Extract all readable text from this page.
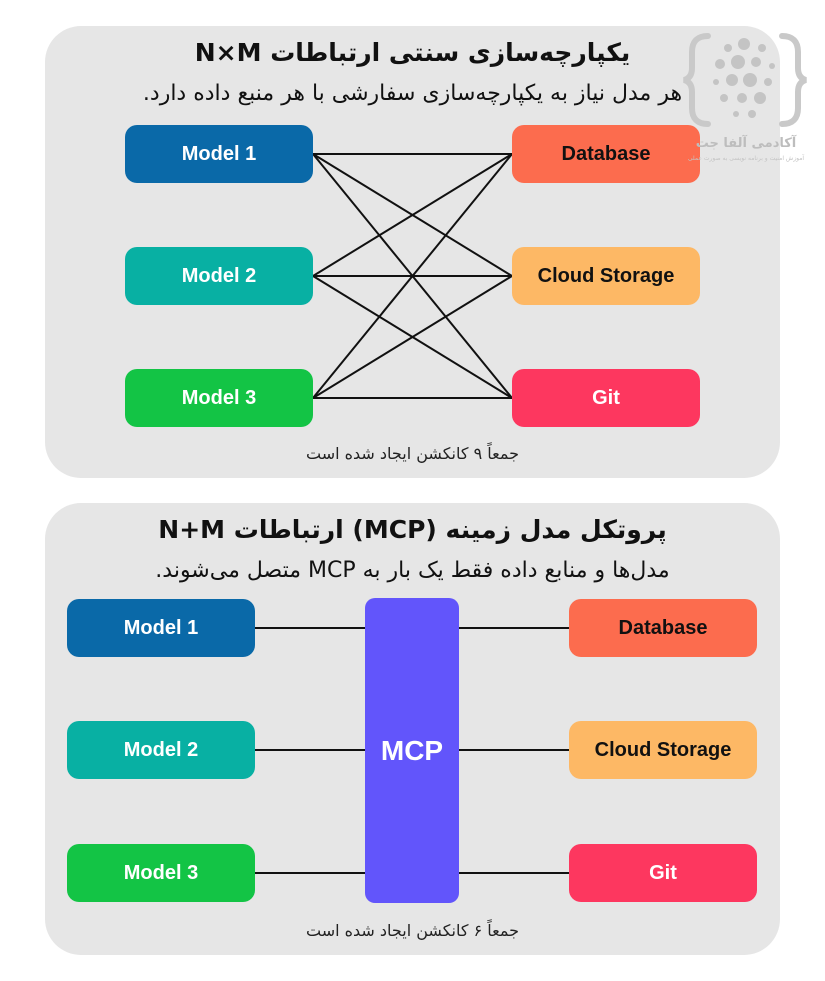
یکپارچه‌سازی سنتی ارتباطات N×M
هر مدل نیاز به یکپارچه‌سازی سفارشی با هر منبع داده دارد.
جمعاً ۹ کانکشن ایجاد شده است
پروتکل مدل زمینه (MCP) ارتباطات N+M
مدل‌ها و منابع داده فقط یک بار به MCP متصل می‌شوند.
جمعاً ۶ کانکشن ایجاد شده است
Model 1
Model 2
Model 3
Database
Cloud Storage
Git
Model 1
Model 2
Model 3
MCP
Database
Cloud Storage
Git
آکادمی آلفا جت
آموزش امنیت و برنامه نویسی به صورت عملی
